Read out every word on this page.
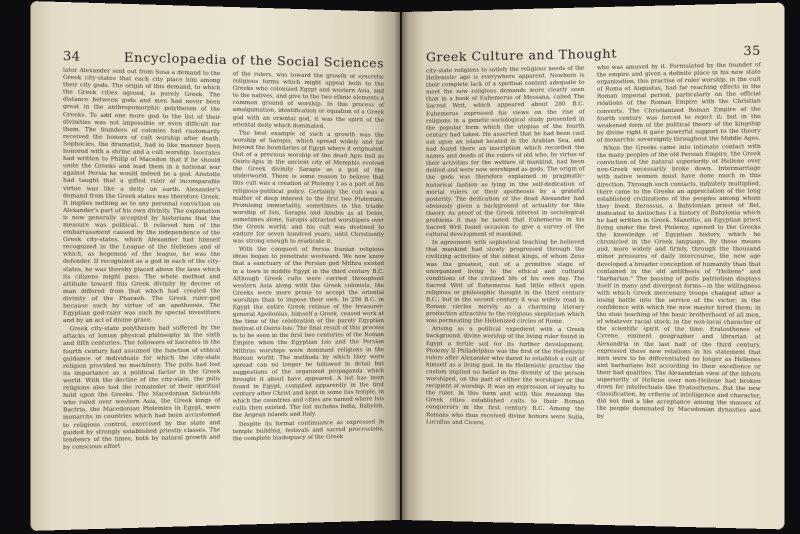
34	Encyclopaedia of the Social Sciences

later Alexander sent out from Susa a demand to the Greek city-states that each city place him among their city gods. The origin of this demand, to which the Greek cities agreed, is purely Greek. The distance between gods and men had never been great in the anthropomorphic polytheism of the Greeks. To add one more god to the list of their divinities was not impossible or even difficult for them. The founders of colonies had customarily received the honors of cult worship after death. Sophocles, the dramatist, had in like manner been honored with a shrine and a cult worship. Isocrates had written to Philip of Macedon that if he should unite the Greeks and lead them in a national war against Persia he would indeed be a god. Aristotle had taught that a gifted ruler of incomparable virtue was like a deity on earth. Alexander's demand from the Greek states was therefore Greek. It implies nothing as to any personal conviction on Alexander's part of his own divinity. The explanation is now generally accepted by historians that the measure was political. It relieved him of the embarrassment caused by the independence of the Greek city-states, which Alexander had himself recognized in the League of the Hellenes and of which, as hegemon of the league, he was the defender. If recognized as a god in each of the city-states, he was thereby placed above the laws which its citizens might pass. The whole method and attitude toward this Greek divinity by decree of man differed from that which had created the divinity of the Pharaoh. The Greek ruler-god because such by virtue of an apotheosis. The Egyptian god-ruler was such by special investiture and by an act of divine grace.

Greek city-state polytheism had suffered by the attacks of Ionian physical philosophy in the sixth and fifth centuries. The followers of Socrates in the fourth century had assumed the function of ethical guidance of individuals for which the city-state religion provided no machinery. The polis had lost its importance as a political factor in the Greek world. With the decline of the city-state, the polis religions also lost the remainder of their spiritual hold upon the Greeks. The Macedonian Seleucids who ruled over western Asia, the Greek kings of Bactria, the Macedonian Ptolemies in Egypt, were monarchs in countries which had been accustomed to religious control, exercised by the state and guided by strongly established priestly classes. The tendency of the times, both by natural growth and by conscious effort

of the rulers, was toward the growth of syncretic religious forms which might appeal both to the Greeks who colonized Egypt and western Asia, and to the natives, and give to the two ethnic elements a common ground of worship. In this process of amalgamation, identification or equation of a Greek god with an oriental god, it was the spirit of the oriental deity which dominated.

The best example of such a growth was the worship of Sarapis, which spread widely and far beyond the boundaries of Egypt where it originated. Out of a previous worship of the dead Apis bull as Osiris-Apis in the ancient city of Memphis evolved the Greek divinity Sarapis as a god of the underworld. There is some reason to believe that this cult was a creation of Ptolemy I as a part of his religious-political policy. Certainly the cult was a matter of deep interest to the first two Ptolemies. Promising immortality, sometimes in the triadic worship of Isis, Sarapis and Anubis as at Delos, sometimes alone, Sarapis attracted worshipers over the Greek world; and his cult was destined to endure for seven hundred years, until Christianity was strong enough to eradicate it.

With the conquest of Persia Iranian religious ideas began to penetrate westward. We now know that a sanctuary of the Persian god Mithra existed in a town in middle Egypt in the third century B.C. Although Greek cults were carried throughout western Asia along with the Greek colonists, the Greeks were more prone to accept the oriental worships than to impose their own. In 256 B.C. in Egypt the entire Greek retinue of the treasurer-general Apollonius, himself a Greek, ceased work at the time of the celebration of the purely Egyptian festival of Osiris-Isis. The final result of this process is to be seen in the first two centuries of the Roman Empire when the Egyptian Isis and the Persian Mithras worships were dominant religions in the Roman world. The methods by which they were spread can no longer be followed in detail but suggestions of the organized propaganda which brought it about have appeared. A list has been found in Egypt, compiled apparently in the first century after Christ and kept in some Isis temple, in which the countries and cities are named where Isis cults then existed. The list includes India, Babylon, the Aegean islands and Italy.

Despite its formal continuance as expressed in temple building, festivals and sacred processions, the complete inadequacy of the Greek

Greek Culture and Thought	35

city-state religions to satisfy the religious needs of the Hellenistic age is everywhere apparent. Nowhere is their complete lack of a spiritual content adequate to meet the new religious demands more clearly seen than in a book of Euhemerus of Messana, called The Sacred Writ, which appeared about 280 B.C. Euhemerus expressed his views on the rise of religions in a genetic-sociological study presented in the popular form which the utopias of the fourth century had taken. He asserted that he had been cast out upon an island located in the Arabian Sea, and had found there an inscription which recorded the names and deeds of the rulers of old who, by virtue of their activities for the welfare of mankind, had been deified and were now worshiped as gods. The origin of the gods was therefore explained in pragmatic-historical fashion as lying in the self-dedication of mortal rulers or their apotheosis by a grateful posterity. The deification of the dead Alexander had obviously given a background of actuality for this theory. As proof of the Greek interest in sociological problems it may be noted that Euhemerus in his Sacred Writ found occasion to give a survey of the cultural development of mankind.

In agreement with sophistical teaching he believed that mankind had slowly progressed through the civilizing activities of the oldest kings, of whom Zeus was the greatest, out of a primitive stage of unorganized living to the ethical and cultural conditions of the civilized life of his own day. The Sacred Writ of Euhemerus had little effect upon religious or philosophic thought in the third century B.C.; but in the second century it was widely read in Roman circles merely as a charming literary production attractive to the religious skepticism which was permeating the Hellenized circles of Rome.

Arising as a political expedient with a Greek background, divine worship of the living ruler found in Egypt a fertile soil for its further development. Ptolemy II Philadelphus was the first of the Hellenistic rulers after Alexander who dared to establish a cult of himself as a living god. In its Hellenistic practise the custom implied no belief in the divinity of the person worshiped, on the part of either the worshiper or the recipient of worship. It was an expression of loyalty to the ruler. In this form and with this meaning the Greek cities established cults to their Roman conquerors in the first century B.C. Among the Romans who thus received divine honors were Sulla, Lucullus and Cicero,

who was amused by it. Formulated by the founder of the empire and given a definite place in his new state organization, this practise of ruler worship, in the cult of Roma et Augustus, had far reaching effects in the Roman imperial period, particularly on the official relations of the Roman Empire with the Christian converts. The Christianized Roman Empire of the fourth century was forced to reject it; but in the weakened form of the political theory of the kingship by divine right it gave powerful support to the theory of monarchic sovereignty throughout the Middle Ages.

When the Greeks came into intimate contact with the many peoples of the old Persian Empire, the Greek conviction of the natural superiority of Hellene over non-Greek necessarily broke down. Intermarriage with native women must have done much in this direction. Through such contacts, infinitely multiplied, there came to the Greeks an appreciation of the long established civilizations of the peoples among whom they lived. Berossus, a Babylonian priest of Bel, dedicated to Antiochus I a history of Babylonia which he had written in Greek. Manetho, an Egyptian priest living under the first Ptolemy, opened to the Greeks the knowledge of Egyptian history, which he chronicled in the Greek language. By these means and, more widely and firmly, through the thousand minor pressures of daily intercourse, the new age developed a broader conception of humanity than that contained in the old antithesis of "Hellene" and "barbarian." The passing of polis patriotism displays itself in many and divergent forms—in the willingness with which Greek mercenary troops changed after a losing battle into the service of the victor; in the confidence with which the new master hired them; in the stoic teaching of the basic brotherhood of all men, of whatever racial stock; in the non-local character of the scientific spirit of the time. Eratosthenes of Cyrene, eminent geographer and librarian at Alexandria in the last half of the third century, expressed these new relations in his statement that men were to be differentiated no longer as Hellenes and barbarians but according to their excellence or their bad qualities. The Alexandrian view of the inborn superiority of Hellene over non-Hellene had broken down for intellectuals like Eratosthenes. But the new classification, by criteria of intelligence and character, did not find a like acceptance among the masses of the people dominated by Macedonian dynasties and by
